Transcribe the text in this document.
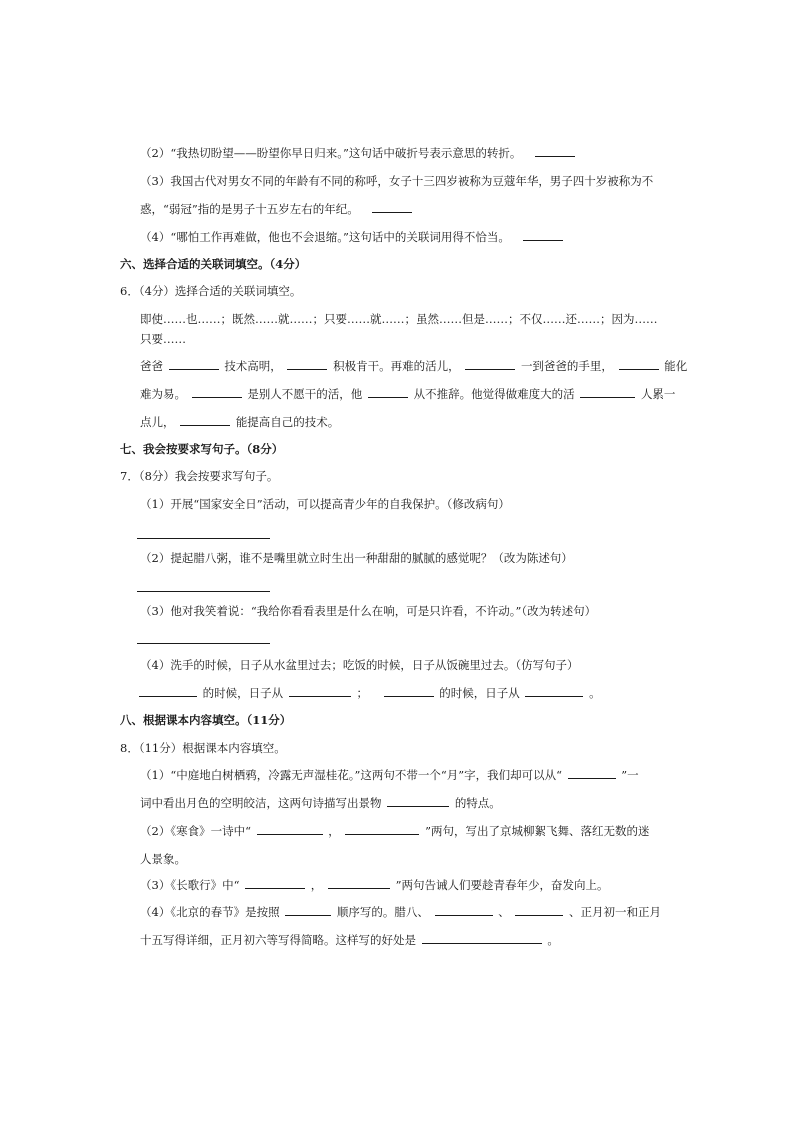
（2）“我热切盼望——盼望你早日归来。”这句话中破折号表示意思的转折。
（3）我国古代对男女不同的年龄有不同的称呼，女子十三四岁被称为豆蔻年华，男子四十岁被称为不
惑，“弱冠”指的是男子十五岁左右的年纪。
（4）“哪怕工作再难做，他也不会退缩。”这句话中的关联词用得不恰当。
六、选择合适的关联词填空。（4分）
6．（4分）选择合适的关联词填空。
即使……也……；既然……就……；只要……就……；虽然……但是……；不仅……还……；因为……
只要……
爸爸	技术高明，	积极肯干。再难的活儿，	一到爸爸的手里，	能化
难为易。	是别人不愿干的活，他	从不推辞。他觉得做难度大的活	人累一
点儿，	能提高自己的技术。
七、我会按要求写句子。（8分）
7．（8分）我会按要求写句子。
（1）开展“国家安全日”活动，可以提高青少年的自我保护。（修改病句）
（2）提起腊八粥，谁不是嘴里就立时生出一种甜甜的腻腻的感觉呢？（改为陈述句）
（3）他对我笑着说：“我给你看看表里是什么在响，可是只许看，不许动。”（改为转述句）
（4）洗手的时候，日子从水盆里过去；吃饭的时候，日子从饭碗里过去。（仿写句子）
的时候，日子从	；	的时候，日子从	。
八、根据课本内容填空。（11分）
8．（11分）根据课本内容填空。
（1）“中庭地白树栖鸦，冷露无声湿桂花。”这两句不带一个“月”字，我们却可以从“	”一
词中看出月色的空明皎洁，这两句诗描写出景物	的特点。
（2）《寒食》一诗中“	，	”两句，写出了京城柳絮飞舞、落红无数的迷
人景象。
（3）《长歌行》中“	，	”两句告诫人们要趁青春年少，奋发向上。
（4）《北京的春节》是按照	顺序写的。腊八、	、	、正月初一和正月
十五写得详细，正月初六等写得简略。这样写的好处是	。
